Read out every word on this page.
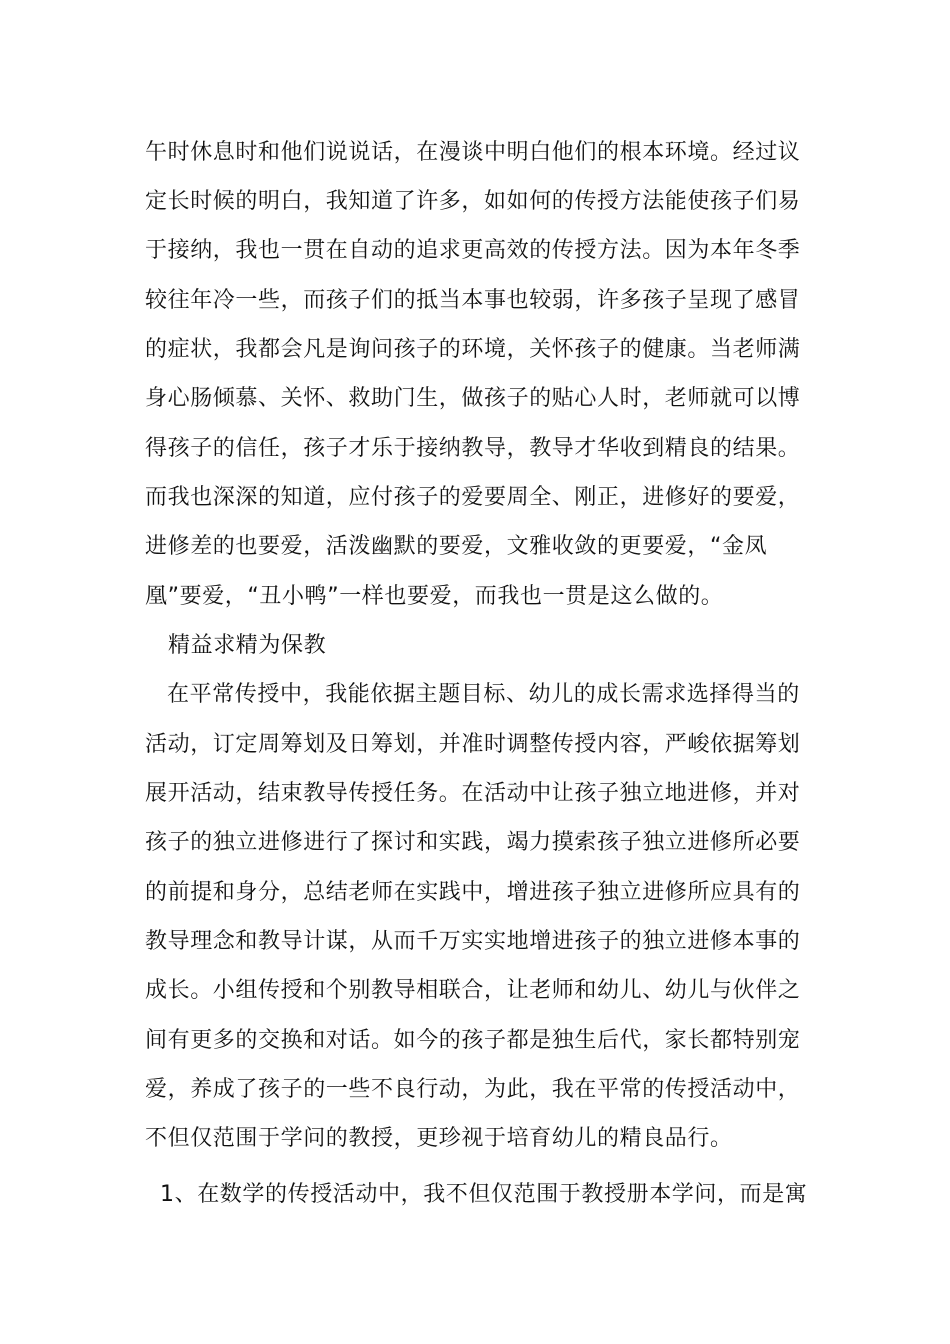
午时休息时和他们说说话，在漫谈中明白他们的根本环境。经过议
定长时候的明白，我知道了许多，如如何的传授方法能使孩子们易
于接纳，我也一贯在自动的追求更高效的传授方法。因为本年冬季
较往年冷一些，而孩子们的抵当本事也较弱，许多孩子呈现了感冒
的症状，我都会凡是询问孩子的环境，关怀孩子的健康。当老师满
身心肠倾慕、关怀、救助门生，做孩子的贴心人时，老师就可以博
得孩子的信任，孩子才乐于接纳教导，教导才华收到精良的结果。
而我也深深的知道，应付孩子的爱要周全、刚正，进修好的要爱，
进修差的也要爱，活泼幽默的要爱，文雅收敛的更要爱，“金凤
凰”要爱，“丑小鸭”一样也要爱，而我也一贯是这么做的。
精益求精为保教
在平常传授中，我能依据主题目标、幼儿的成长需求选择得当的
活动，订定周筹划及日筹划，并准时调整传授内容，严峻依据筹划
展开活动，结束教导传授任务。在活动中让孩子独立地进修，并对
孩子的独立进修进行了探讨和实践，竭力摸索孩子独立进修所必要
的前提和身分，总结老师在实践中，增进孩子独立进修所应具有的
教导理念和教导计谋，从而千万实实地增进孩子的独立进修本事的
成长。小组传授和个别教导相联合，让老师和幼儿、幼儿与伙伴之
间有更多的交换和对话。如今的孩子都是独生后代，家长都特别宠
爱，养成了孩子的一些不良行动，为此，我在平常的传授活动中，
不但仅范围于学问的教授，更珍视于培育幼儿的精良品行。
1、在数学的传授活动中，我不但仅范围于教授册本学问，而是寓
